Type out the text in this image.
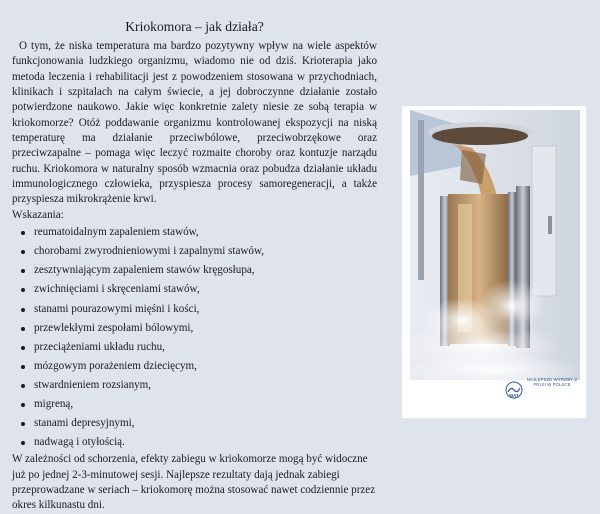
Kriokomora – jak działa?

O tym, że niska temperatura ma bardzo pozytywny wpływ na wiele aspektów funkcjonowania ludzkiego organizmu, wiadomo nie od dziś. Krioterapia jako metoda leczenia i rehabilitacji jest z powodzeniem stosowana w przychodniach, klinikach i szpitalach na całym świecie, a jej dobroczynne działanie zostało potwierdzone naukowo. Jakie więc konkretnie zalety niesie ze sobą terapia w kriokomorze? Otóż poddawanie organizmu kontrolowanej ekspozycji na niską temperaturę ma działanie przeciwbólowe, przeciwobrzękowe oraz przeciwzapalne – pomaga więc leczyć rozmaite choroby oraz kontuzje narządu ruchu. Kriokomora w naturalny sposób wzmacnia oraz pobudza działanie układu immunologicznego człowieka, przyspiesza procesy samoregeneracji, a także przyspiesza mikrokrążenie krwi.

Wskazania:

reumatoidalnym zapaleniem stawów,
chorobami zwyrodnieniowymi i zapalnymi stawów,
zesztywniającym zapaleniem stawów kręgosłupa,
zwichnięciami i skręceniami stawów,
stanami pourazowymi mięśni i kości,
przewlekłymi zespołami bólowymi,
przeciążeniami układu ruchu,
mózgowym porażeniem dziecięcym,
stwardnieniem rozsianym,
migreną,
stanami depresyjnymi,
nadwagą i otyłością.

W zależności od schorzenia, efekty zabiegu w kriokomorze mogą być widoczne już po jednej 2-3-minutowej sesji. Najlepsze rezultaty dają jednak zabiegi przeprowadzane w seriach – kriokomorę można stosować nawet codziennie przez okres kilkunastu dni.

MAT
NAJLEPSZE WYROBY Z PRL/II W POLSCE
